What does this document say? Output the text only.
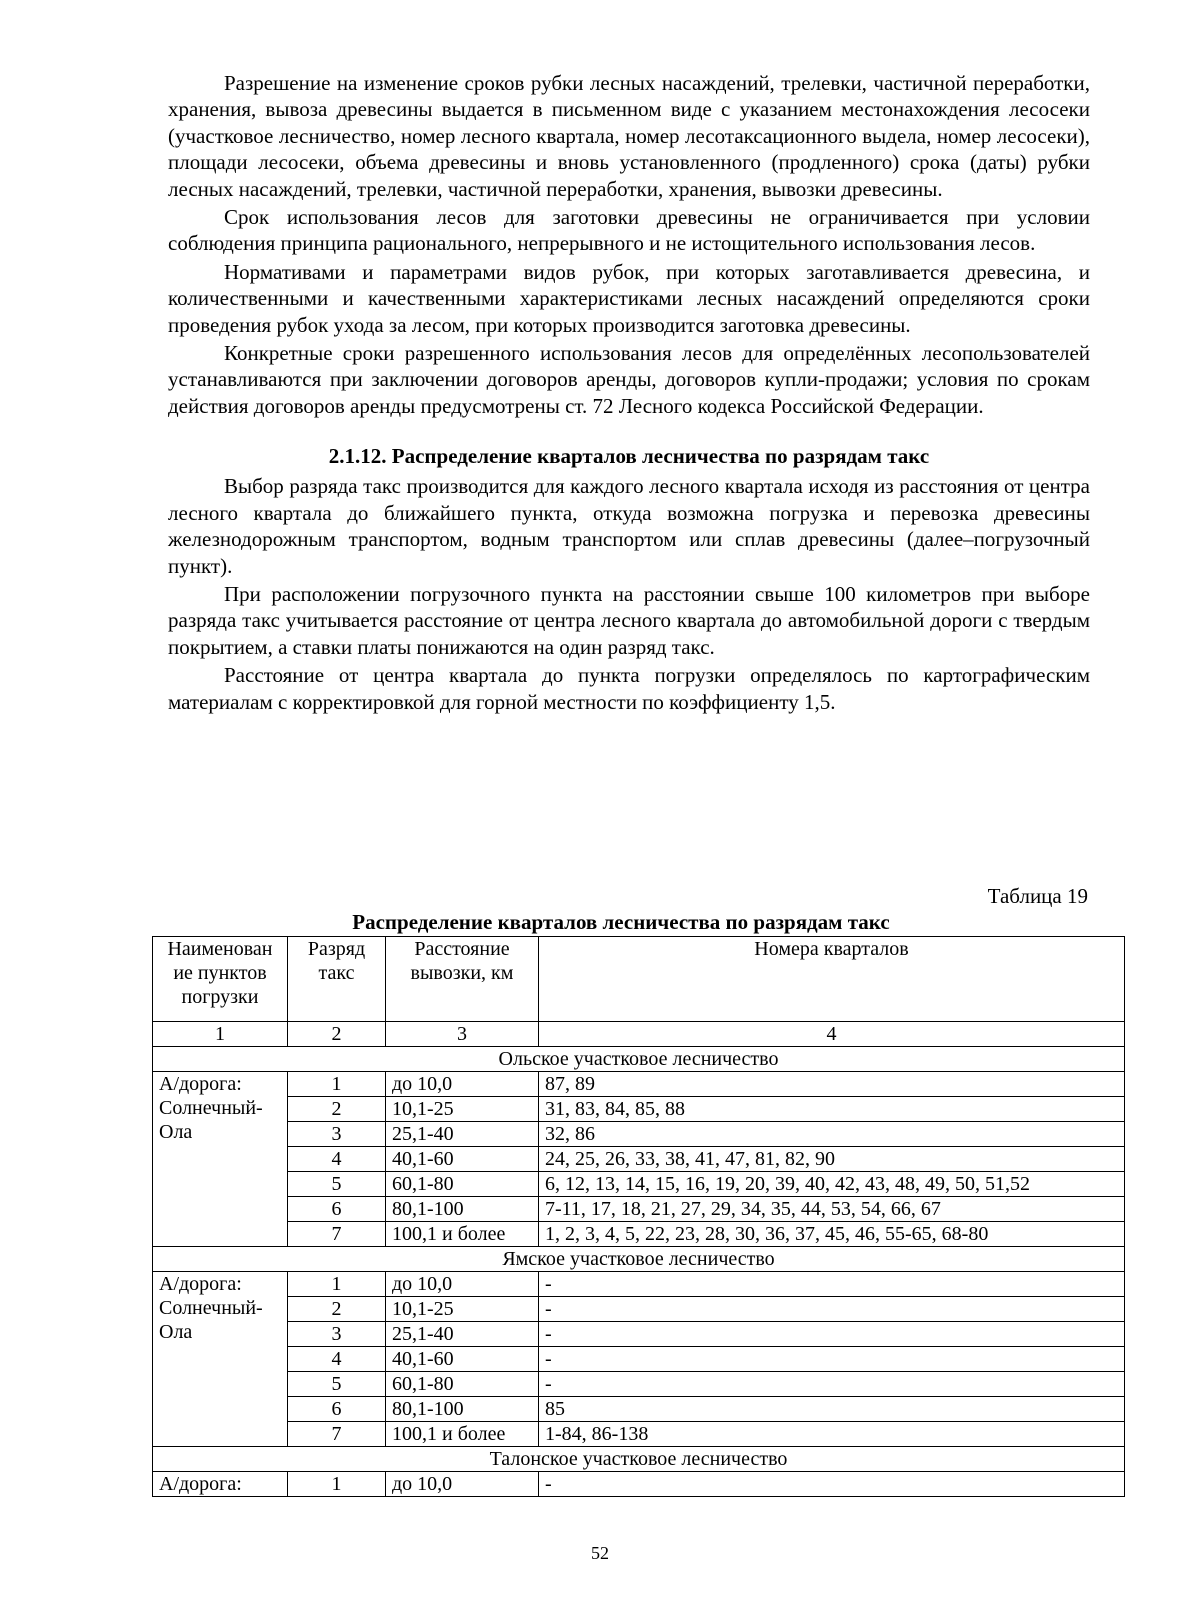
Разрешение на изменение сроков рубки лесных насаждений, трелевки, частичной переработки, хранения, вывоза древесины выдается в письменном виде с указанием местонахождения лесосеки (участковое лесничество, номер лесного квартала, номер лесотаксационного выдела, номер лесосеки), площади лесосеки, объема древесины и вновь установленного (продленного) срока (даты) рубки лесных насаждений, трелевки, частичной переработки, хранения, вывозки древесины.

Срок использования лесов для заготовки древесины не ограничивается при условии соблюдения принципа рационального, непрерывного и не истощительного использования лесов.

Нормативами и параметрами видов рубок, при которых заготавливается древесина, и количественными и качественными характеристиками лесных насаждений определяются сроки проведения рубок ухода за лесом, при которых производится заготовка древесины.

Конкретные сроки разрешенного использования лесов для определённых лесопользователей устанавливаются при заключении договоров аренды, договоров купли-продажи; условия по срокам действия договоров аренды предусмотрены ст. 72 Лесного кодекса Российской Федерации.

2.1.12. Распределение кварталов лесничества по разрядам такс

Выбор разряда такс производится для каждого лесного квартала исходя из расстояния от центра лесного квартала до ближайшего пункта, откуда возможна погрузка и перевозка древесины железнодорожным транспортом, водным транспортом или сплав древесины (далее–погрузочный пункт).

При расположении погрузочного пункта на расстоянии свыше 100 километров при выборе разряда такс учитывается расстояние от центра лесного квартала до автомобильной дороги с твердым покрытием, а ставки платы понижаются на один разряд такс.

Расстояние от центра квартала до пункта погрузки определялось по картографическим материалам с корректировкой для горной местности по коэффициенту 1,5.

Таблица 19
Распределение кварталов лесничества по разрядам такс
Наименован ие пунктов погрузки	Разряд такс	Расстояние вывозки, км	Номера кварталов
1	2	3	4
Ольское участковое лесничество			
А/дорога: Солнечный-Ола	1	до 10,0	87, 89
	2	10,1-25	31, 83, 84, 85, 88
	3	25,1-40	32, 86
	4	40,1-60	24, 25, 26, 33, 38, 41, 47, 81, 82, 90
	5	60,1-80	6, 12, 13, 14, 15, 16, 19, 20, 39, 40, 42, 43, 48, 49, 50, 51,52
	6	80,1-100	7-11, 17, 18, 21, 27, 29, 34, 35, 44, 53, 54, 66, 67
	7	100,1 и более	1, 2, 3, 4, 5, 22, 23, 28, 30, 36, 37, 45, 46, 55-65, 68-80
Ямское участковое лесничество			
А/дорога: Солнечный-Ола	1	до 10,0	-
	2	10,1-25	-
	3	25,1-40	-
	4	40,1-60	-
	5	60,1-80	-
	6	80,1-100	85
	7	100,1 и более	1-84, 86-138
Талонское участковое лесничество			
А/дорога:	1	до 10,0	-
52
